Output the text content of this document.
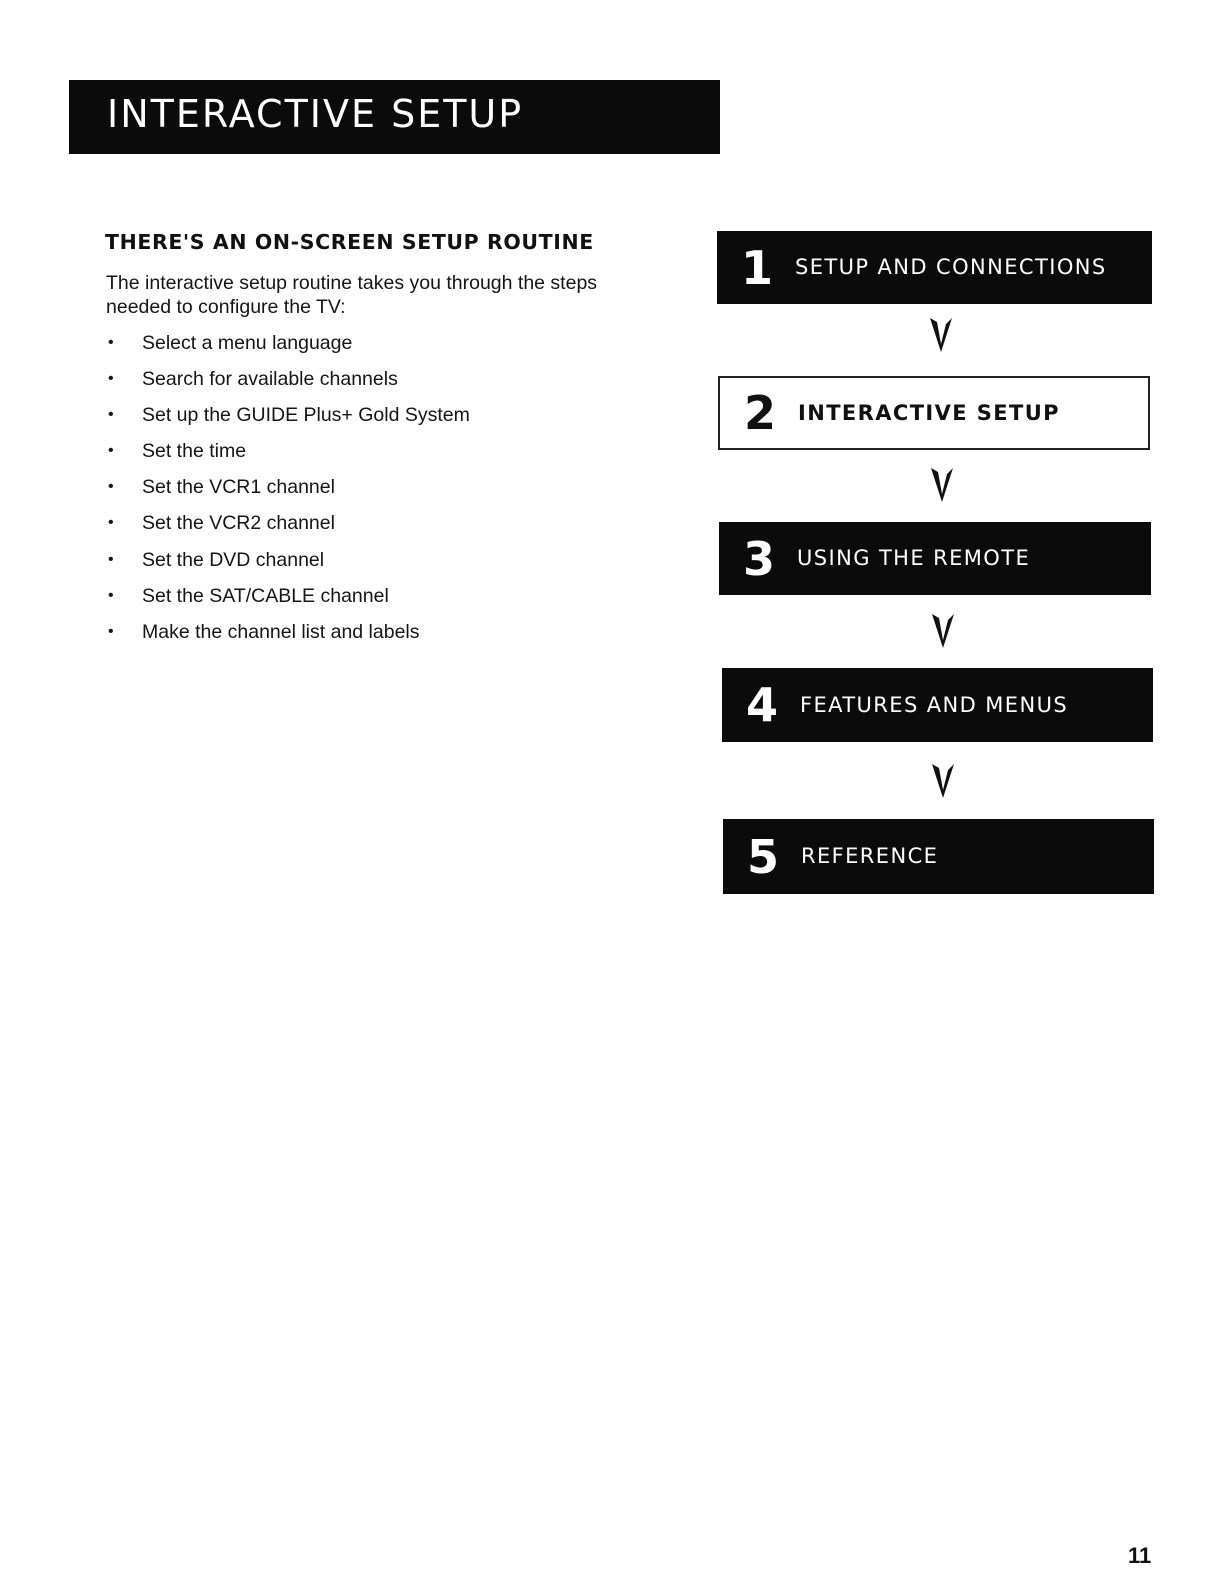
INTERACTIVE SETUP
THERE'S AN ON-SCREEN SETUP ROUTINE

The interactive setup routine takes you through the steps needed to configure the TV:

• Select a menu language
• Search for available channels
• Set up the GUIDE Plus+ Gold System
• Set the time
• Set the VCR1 channel
• Set the VCR2 channel
• Set the DVD channel
• Set the SAT/CABLE channel
• Make the channel list and labels
1 SETUP AND CONNECTIONS
2 INTERACTIVE SETUP
3 USING THE REMOTE
4 FEATURES AND MENUS
5 REFERENCE
11
